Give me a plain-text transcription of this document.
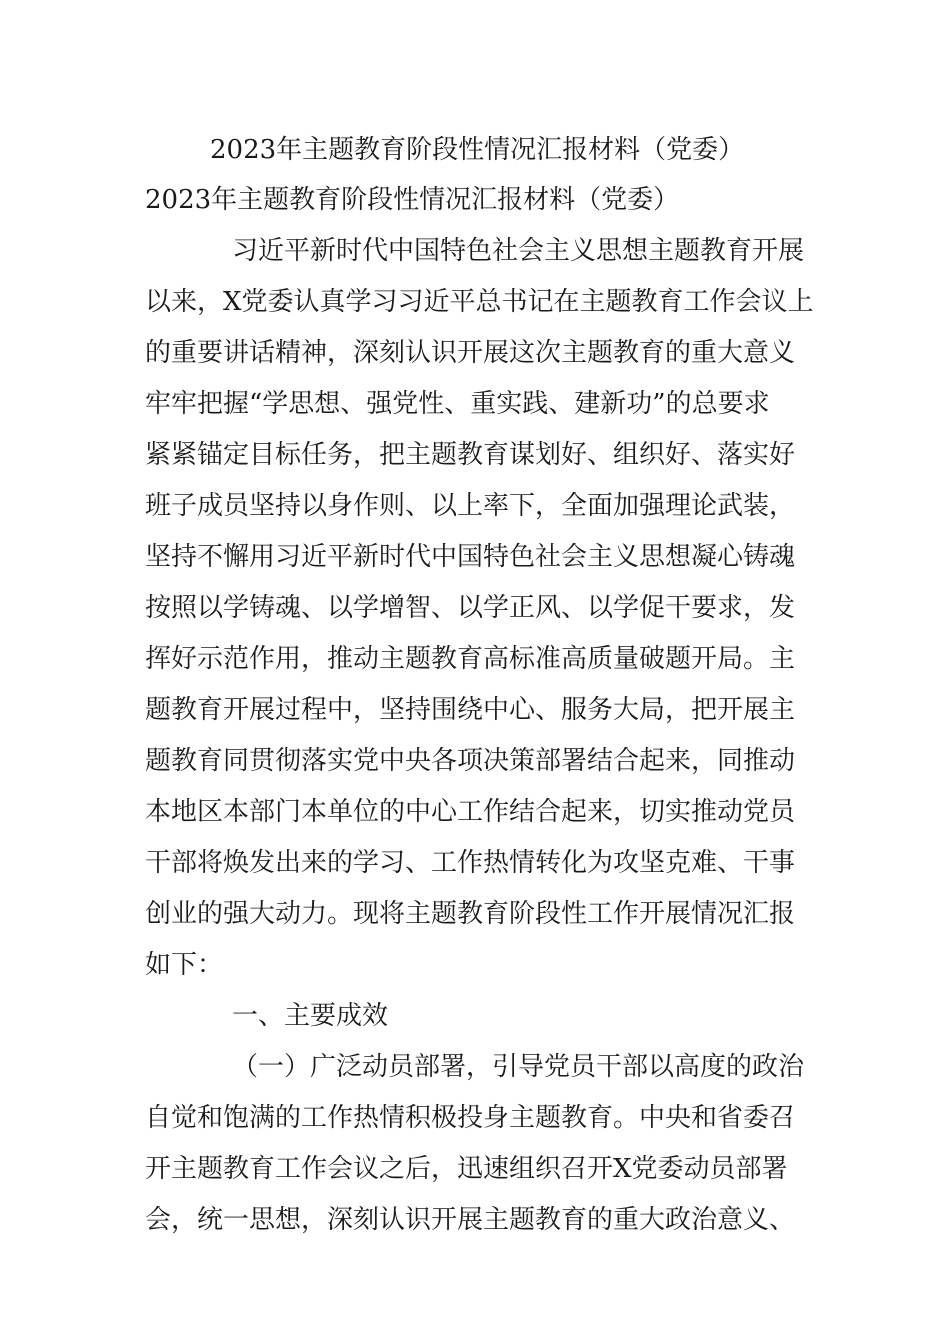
2023年主题教育阶段性情况汇报材料（党委）
2023年主题教育阶段性情况汇报材料（党委）
习近平新时代中国特色社会主义思想主题教育开展
以来，X党委认真学习习近平总书记在主题教育工作会议上
的重要讲话精神，深刻认识开展这次主题教育的重大意义
牢牢把握“学思想、强党性、重实践、建新功”的总要求
紧紧锚定目标任务，把主题教育谋划好、组织好、落实好
班子成员坚持以身作则、以上率下，全面加强理论武装，
坚持不懈用习近平新时代中国特色社会主义思想凝心铸魂
按照以学铸魂、以学增智、以学正风、以学促干要求，发
挥好示范作用，推动主题教育高标准高质量破题开局。主
题教育开展过程中，坚持围绕中心、服务大局，把开展主
题教育同贯彻落实党中央各项决策部署结合起来，同推动
本地区本部门本单位的中心工作结合起来，切实推动党员
干部将焕发出来的学习、工作热情转化为攻坚克难、干事
创业的强大动力。现将主题教育阶段性工作开展情况汇报
如下：
一、主要成效
（一）广泛动员部署，引导党员干部以高度的政治
自觉和饱满的工作热情积极投身主题教育。中央和省委召
开主题教育工作会议之后，迅速组织召开X党委动员部署
会，统一思想，深刻认识开展主题教育的重大政治意义、
